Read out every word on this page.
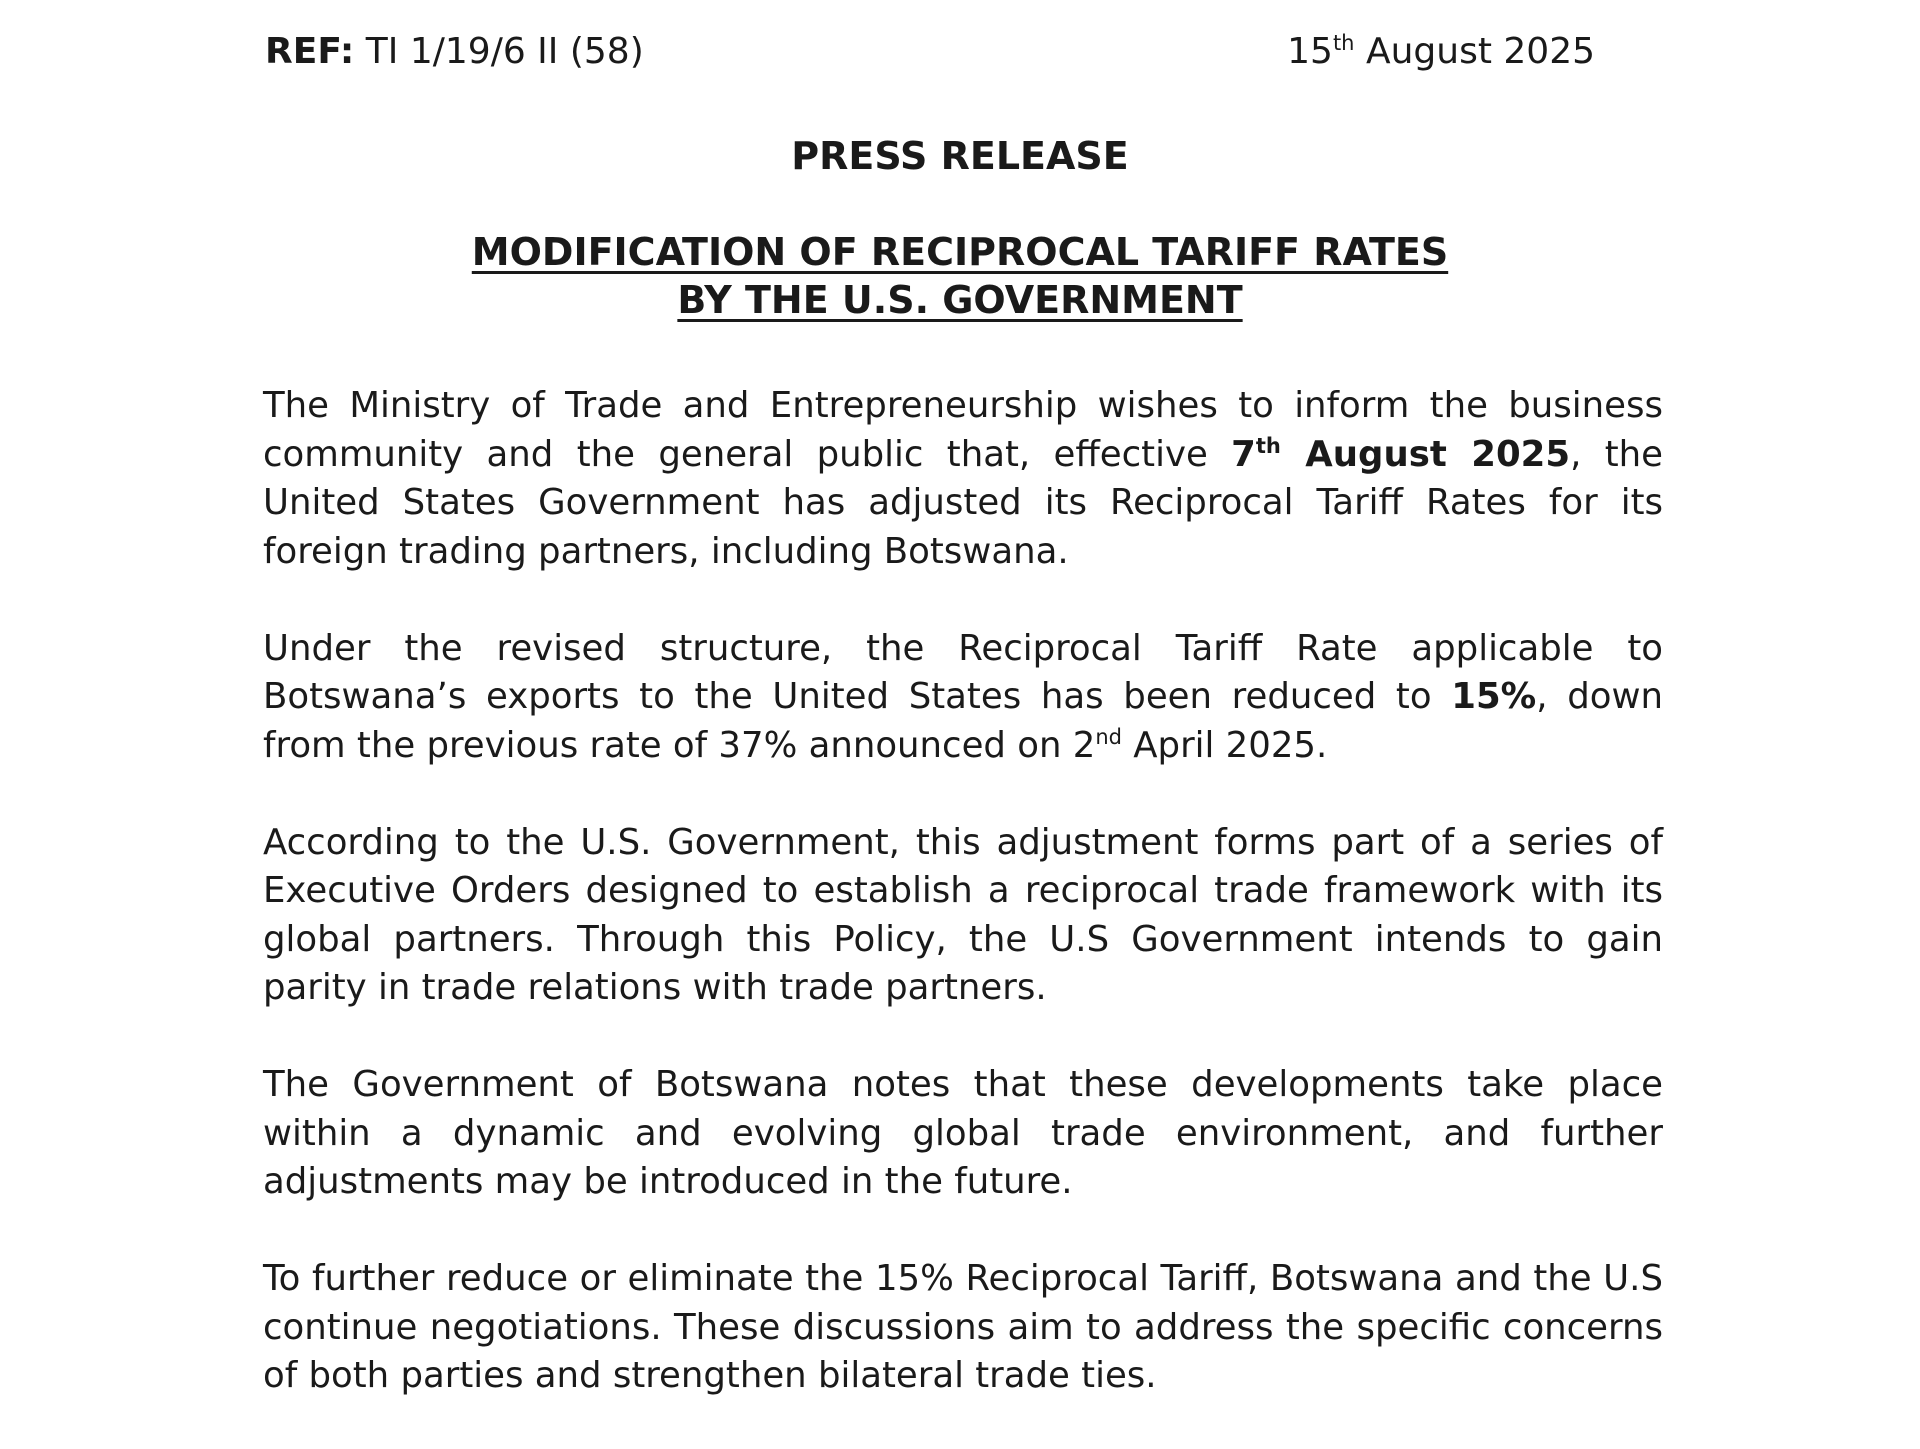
REF: TI 1/19/6 II (58)	15th August 2025
PRESS RELEASE
MODIFICATION OF RECIPROCAL TARIFF RATES
BY THE U.S. GOVERNMENT

The Ministry of Trade and Entrepreneurship wishes to inform the business community and the general public that, effective 7th August 2025, the United States Government has adjusted its Reciprocal Tariff Rates for its foreign trading partners, including Botswana.

Under the revised structure, the Reciprocal Tariff Rate applicable to Botswana’s exports to the United States has been reduced to 15%, down from the previous rate of 37% announced on 2nd April 2025.

According to the U.S. Government, this adjustment forms part of a series of Executive Orders designed to establish a reciprocal trade framework with its global partners. Through this Policy, the U.S Government intends to gain parity in trade relations with trade partners.

The Government of Botswana notes that these developments take place within a dynamic and evolving global trade environment, and further adjustments may be introduced in the future.

To further reduce or eliminate the 15% Reciprocal Tariff, Botswana and the U.S continue negotiations. These discussions aim to address the specific concerns of both parties and strengthen bilateral trade ties.
